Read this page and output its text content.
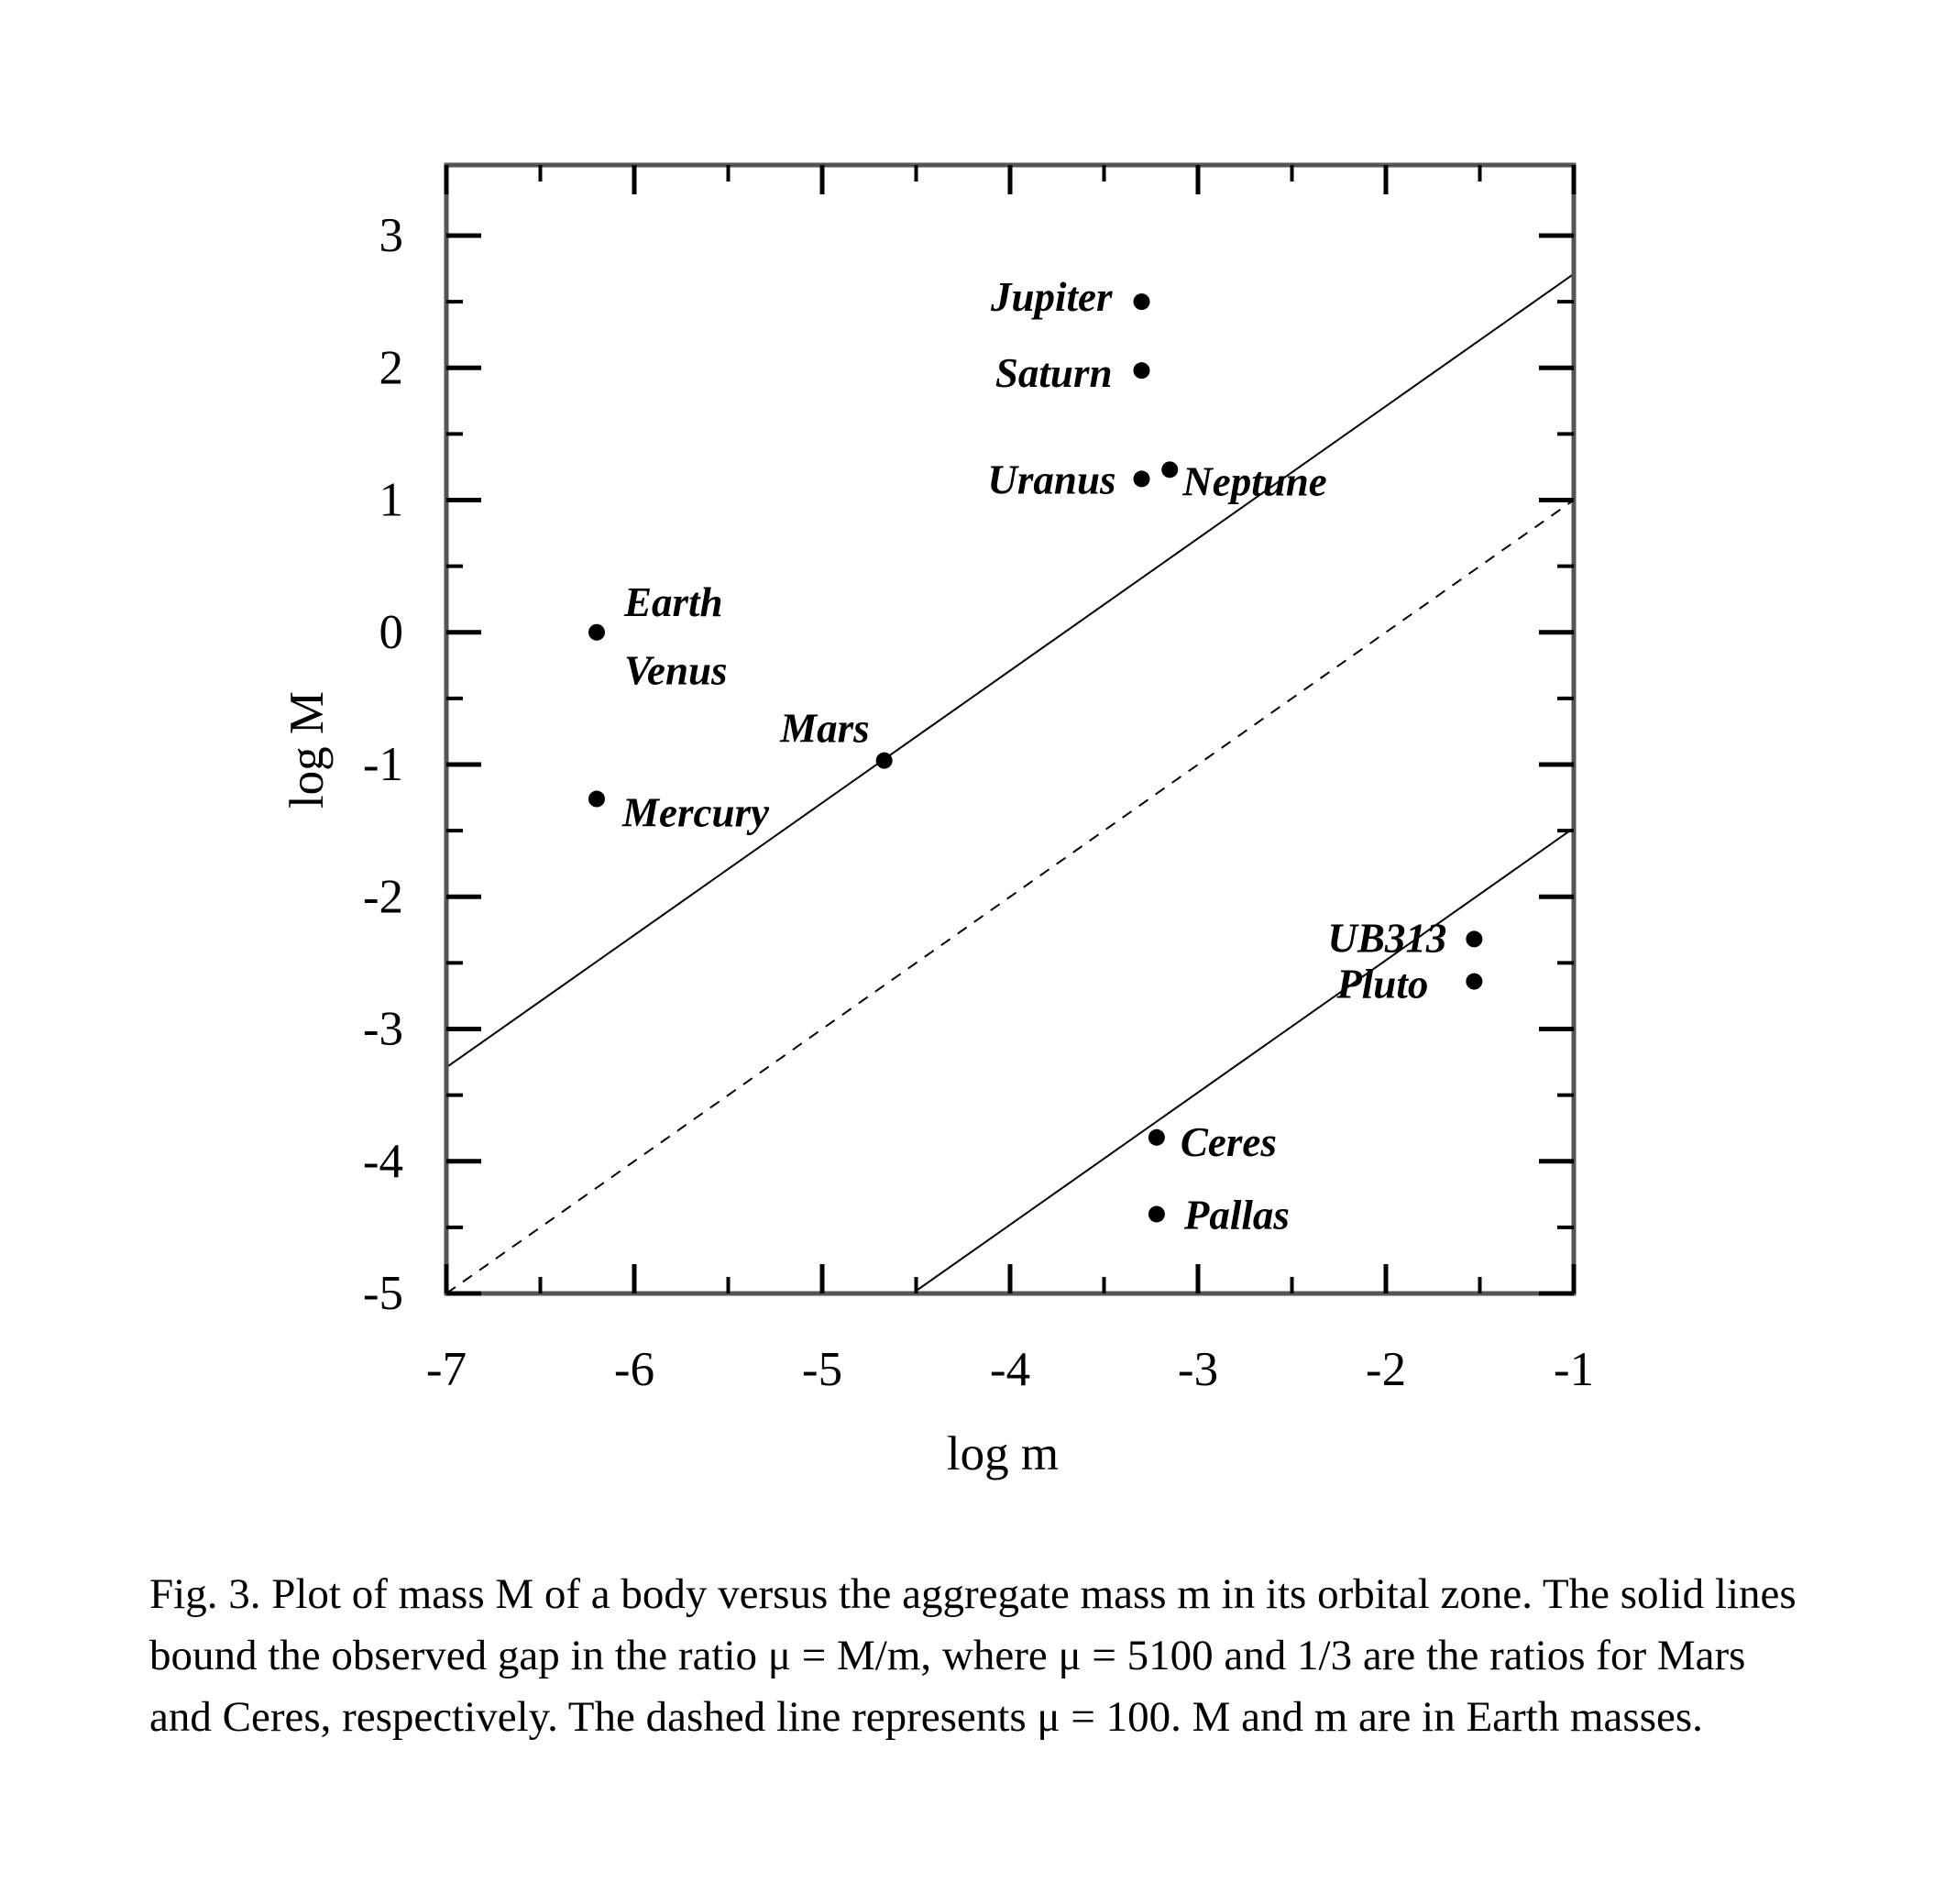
-7	-6	-5	-4	-3	-2	-1
3
2
1
0
-1
-2
-3
-4
-5
Jupiter
Saturn
Uranus Neptune
Earth
Venus
Mars
Mercury
UB313
Pluto
Ceres
Pallas
log m
log M

Fig. 3. Plot of mass M of a body versus the aggregate mass m in its orbital zone. The solid lines bound the observed gap in the ratio μ = M/m, where μ = 5100 and 1/3 are the ratios for Mars and Ceres, respectively. The dashed line represents μ = 100. M and m are in Earth masses.
